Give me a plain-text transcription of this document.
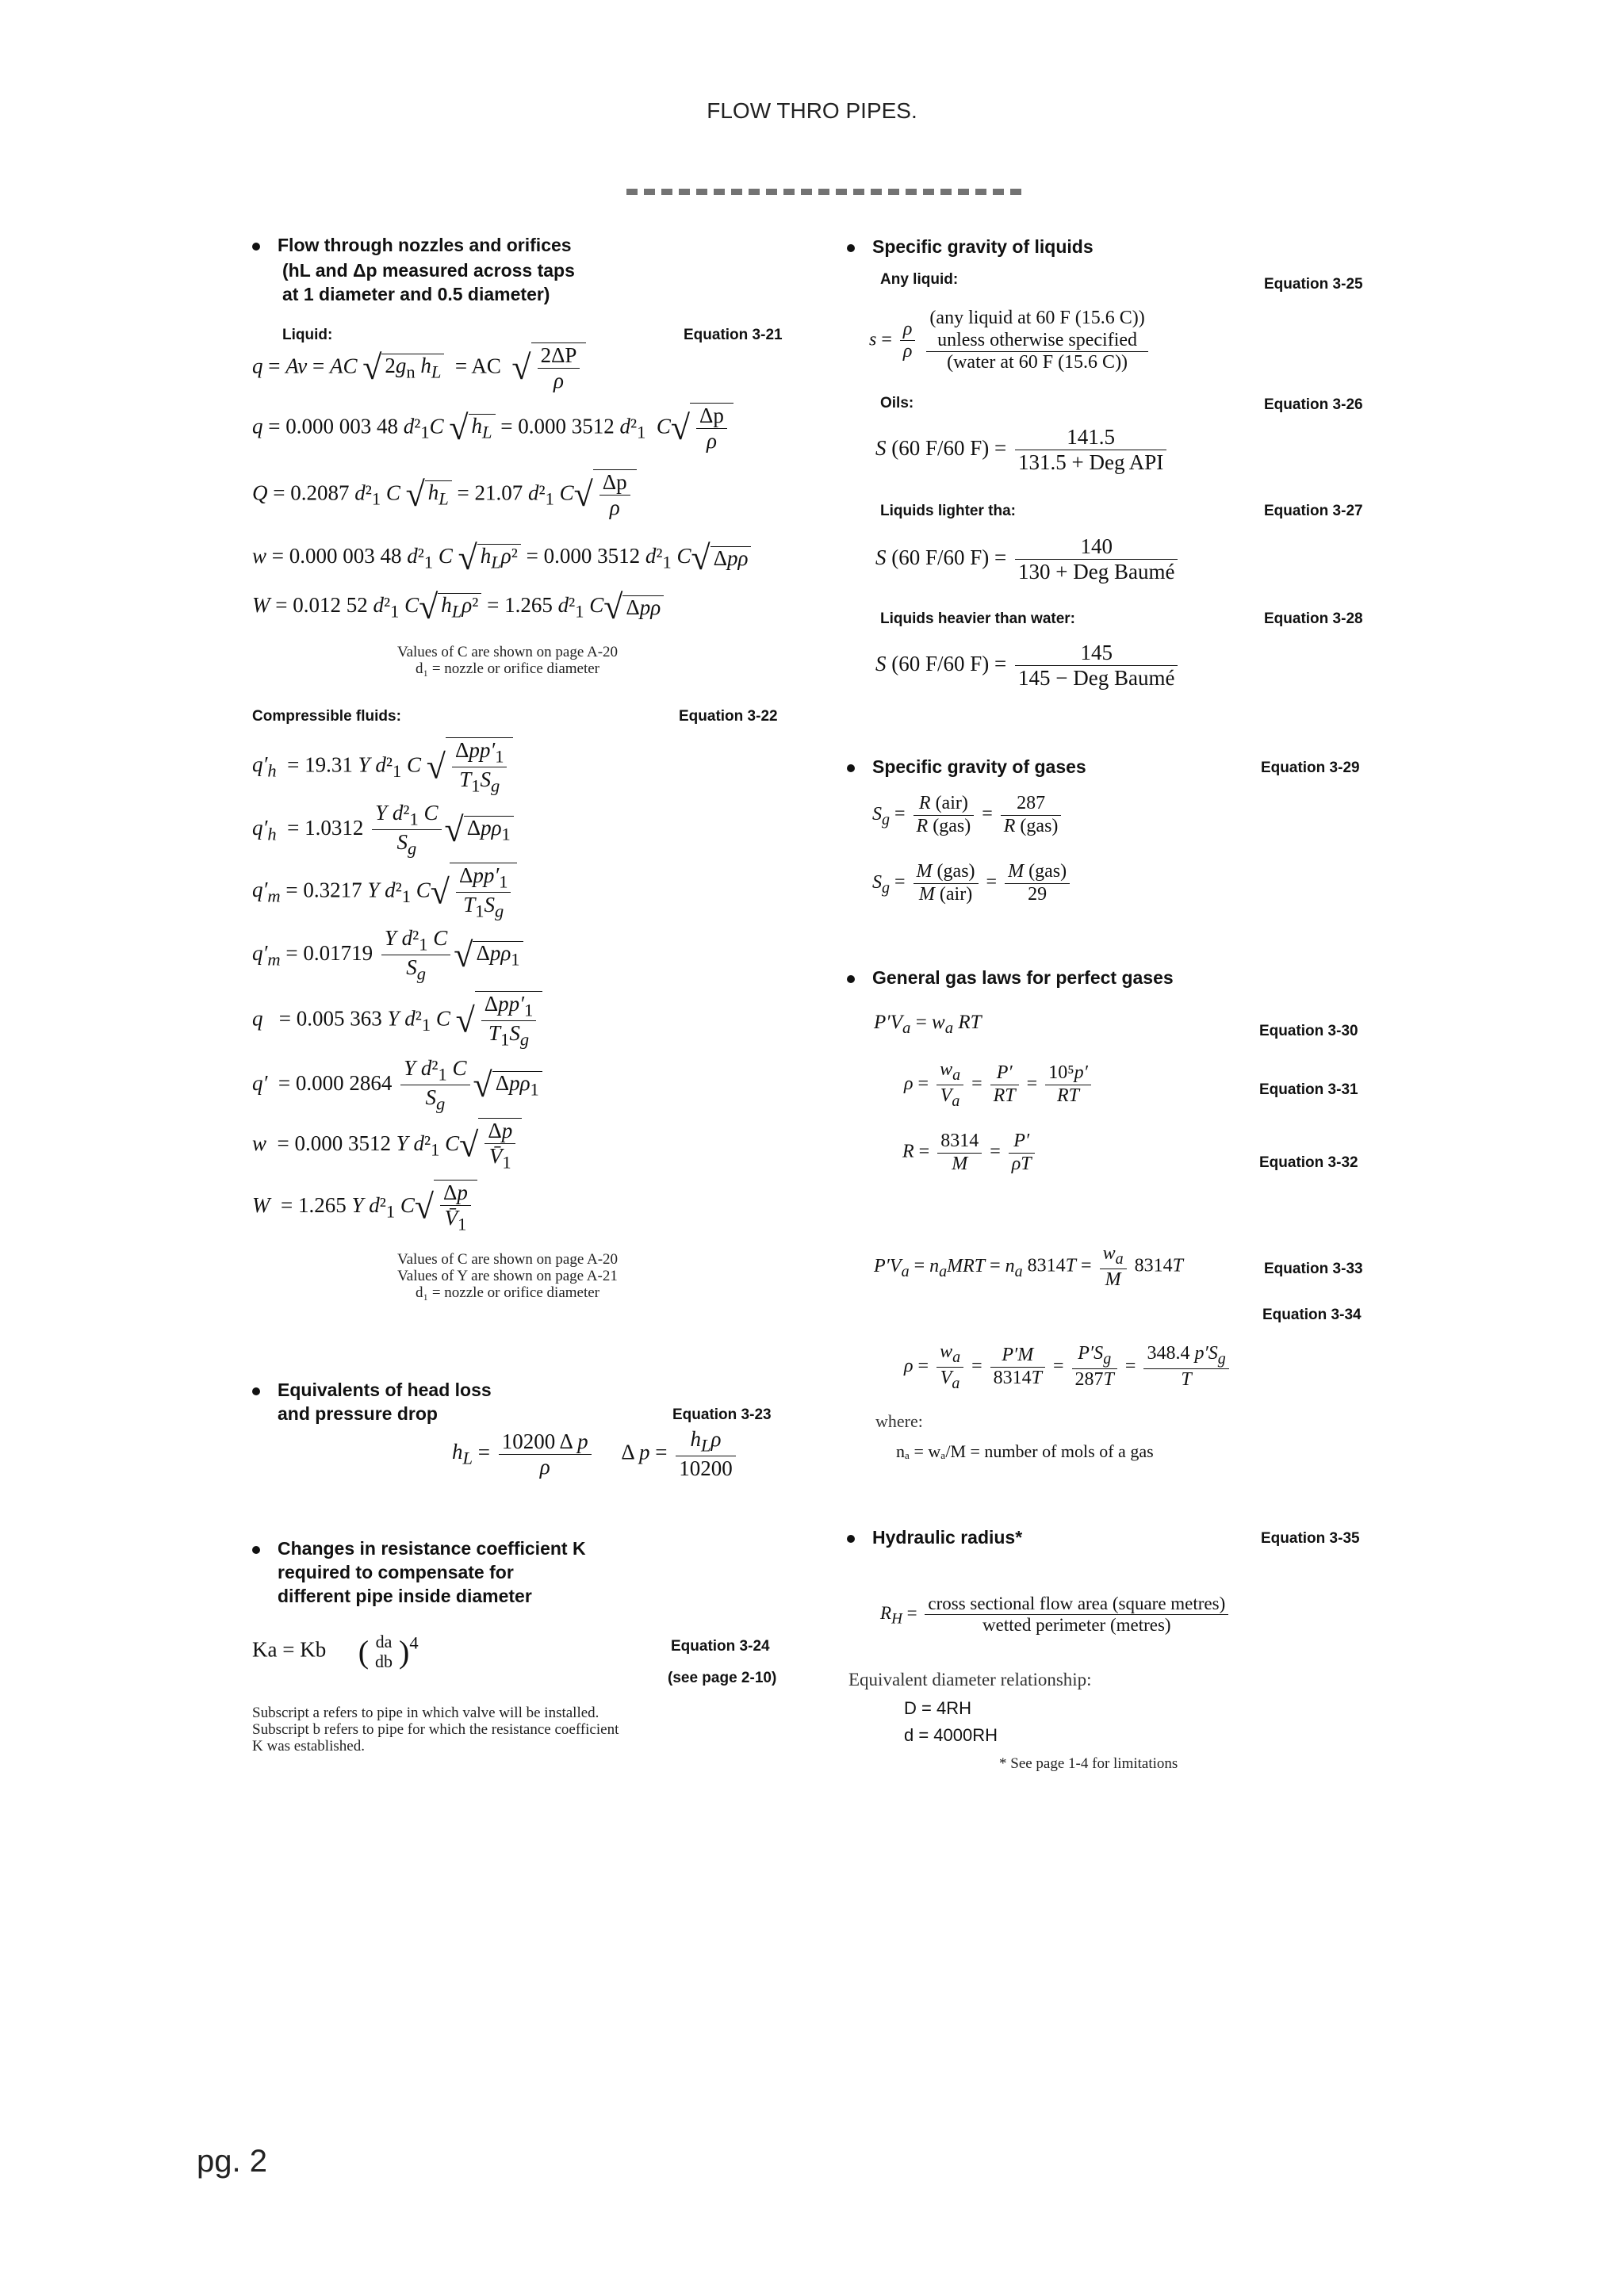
FLOW THRO PIPES.
Flow through nozzles and orifices
(hL and Δp measured across taps
at 1 diameter and 0.5 diameter)
Liquid:	Equation 3-21
q = Av = AC √ $2g_n$ $h_L$  = AC  √ $\frac{2\Delta P}{\rho}$
q = 0.000 003 48 $d^2_1C$ √ $h_L = 0.000$ 3512 $d^2_1$ $C√ \frac{\Delta p}{\rho}$
Q = 0.2087 $d^2_1$ C √ $h_L = 21.07$ $d^2_1$ $C√ \frac{\Delta p}{\rho}$
w = 0.000 003 48 $d^2_1$ C √ $h_L\rho^2 = 0.000$ 3512 $d^2_1$ C√ Δpρ
W = 0.012 52 $d^2_1$ C√ $h_L\rho^2 = 1.265$ $d^2_1$ C√ Δpρ
Values of C are shown on page A-20
d₁ = nozzle or orifice diameter
Compressible fluids:	Equation 3-22
$q'_h = 19.31$ Y $d^2_1$ C √ $\Delta pp'_1$
$T_1S_g$
$q'_h = 1.0312 \frac{Y d^2_1 C}{S_g}$ √ Δpρ$_1$
$q'_m = 0.3217$ Y $d^2_1$ C√ $\Delta pp'_1$
$T_1S_g$
$q'_m = 0.01719 \frac{Y d^2_1 C}{S_g}$ √ Δpρ$_1$
q   = 0.005 363 Y $d^2_1$ C √ $\Delta pp'_1$
$T_1S_g$
q′  = 0.000 $2864 \frac{Y d^2_1 C}{S_g}$ √ Δpρ$_1$
w  = 0.000 3512 Y $d^2_1$ $C√ \frac{\Delta p}{V̄_1}$
W  = 1.265 Y $d^2_1$ $C√ \frac{\Delta p}{V̄_1}$
Values of C are shown on page A-20
Values of Y are shown on page A-21
d₁ = nozzle or orifice diameter
Equivalents of head loss
and pressure drop	Equation 3-23
$h_L = \frac{\text{10200 Δ p}}{\rho}$ Δ p =
$h_L\rho$
10200
Changes in resistance coefficient K
required to compensate for
different pipe inside diameter
Ka = Kb      ( da
db )$^4$	Equation 3-24
(see page 2-10)
Subscript a refers to pipe in which valve will be installed.
Subscript b refers to pipe for which the resistance coefficient
K was established.
Specific gravity of liquids
Any liquid:	Equation 3-25
$s = \frac{\rho}{\rho}$

(any liquid at 60 F (15.6 C))
unless otherwise specified
(water at 60 F (15.6 C))
Oils:	Equation 3-26
S (60 F/60 F) =	141.5
131.5 + Deg API
Liquids lighter tha:	Equation 3-27
S (60 F/60 F) =	140
130 + Deg Baumé
Liquids heavier than water:	Equation 3-28
S (60 F/60 F) =	145
145 − Deg Baumé
Specific gravity of gases	Equation 3-29
$S_g$ =
R (air)
R (gas)
=
287
R (gas)
$S_g$ =
M (gas)
M (air)
=
M (gas)
29
General gas laws for perfect gases
$P'V_a = w_a$ RT	Equation 3-30
$\rho = \frac{w_a}{V_a} = \frac{P'}{RT} = \frac{\text{10⁵p′}}{RT}$	Equation 3-31
$R = \frac{8314}{M} = \frac{P'}{\rho T}$	Equation 3-32
$P'V_a = n_aMRT = n_a$ $8314T = \frac{w_a}{M} 8314T$	Equation 3-33
Equation 3-34
$\rho = \frac{w_a}{V_a} = \frac{P'M}{8314T} = \frac{P'S_g}{287T} = \frac{348.4 p'S_g}{T}$
where:
nₐ = wₐ/M = number of mols of a gas
Hydraulic radius*	Equation 3-35
$R_H$ = cross sectional flow area (square metres)
wetted perimeter (metres)
Equivalent diameter relationship:
D = 4RH
d = 4000RH
* See page 1-4 for limitations
pg. 2
